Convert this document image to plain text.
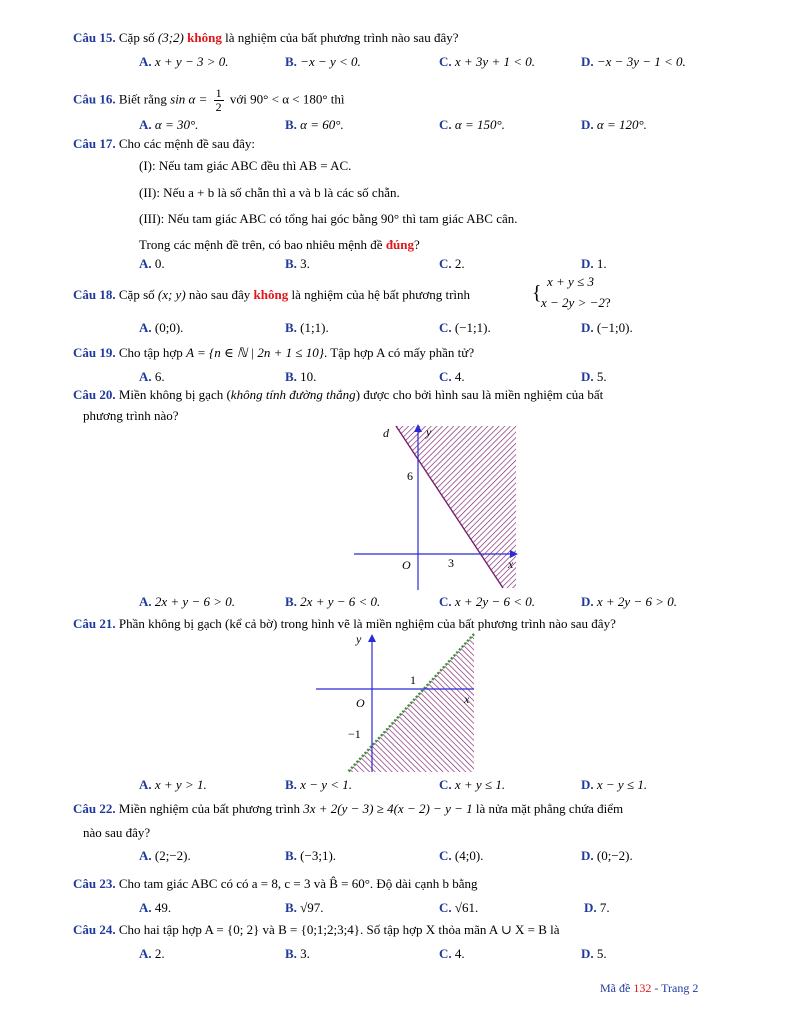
Câu 15. Cặp số (3;2) không là nghiệm của bất phương trình nào sau đây?
A. x + y − 3 > 0.	B. −x − y < 0.	C. x + 3y + 1 < 0.	D. −x − 3y − 1 < 0.
Câu 16. Biết rằng $\sin \alpha = \frac{1}{2}$ với 90° < α < 180° thì
A. α = 30°.	B. α = 60°.	C. α = 150°.	D. α = 120°.
Câu 17. Cho các mệnh đề sau đây:
(I): Nếu tam giác ABC đều thì AB = AC.
(II): Nếu a + b là số chẵn thì a và b là các số chẵn.
(III): Nếu tam giác ABC có tổng hai góc bằng 90° thì tam giác ABC cân.
Trong các mệnh đề trên, có bao nhiêu mệnh đề đúng?
A. 0.	B. 3.	C. 2.	D. 1.
Câu 18. Cặp số (x; y) nào sau đây không là nghiệm của hệ bất phương trình	{
x + y ≤ 3
x − 2y > −2?
A. (0;0).	B. (1;1).	C. (−1;1).	D. (−1;0).
Câu 19. Cho tập hợp A = {n ∈ ℕ | 2n + 1 ≤ 10}. Tập hợp A có mấy phần tử?
A. 6.	B. 10.	C. 4.	D. 5.
Câu 20. Miền không bị gạch (không tính đường thẳng) được cho bởi hình sau là miền nghiệm của bất
phương trình nào?
d	y
6
O	3	x
A. 2x + y − 6 > 0.	B. 2x + y − 6 < 0.	C. x + 2y − 6 < 0.	D. x + 2y − 6 > 0.
Câu 21. Phần không bị gạch (kể cả bờ) trong hình vẽ là miền nghiệm của bất phương trình nào sau đây?
y
1
O	x
−1
A. x + y > 1.	B. x − y < 1.	C. x + y ≤ 1.	D. x − y ≤ 1.
Câu 22. Miền nghiệm của bất phương trình 3x + 2(y − 3) ≥ 4(x − 2) − y − 1 là nửa mặt phẳng chứa điểm
nào sau đây?
A. (2;−2).	B. (−3;1).	C. (4;0).	D. (0;−2).
Câu 23. Cho tam giác ABC có có a = 8, c = 3 và B̂ = 60°. Độ dài cạnh b bằng
A. 49.	B. √97.	C. √61.	D. 7.
Câu 24. Cho hai tập hợp A = {0; 2} và B = {0;1;2;3;4}. Số tập hợp X thỏa mãn A ∪ X = B là
A. 2.	B. 3.	C. 4.	D. 5.
Mã đề 132 - Trang 2
